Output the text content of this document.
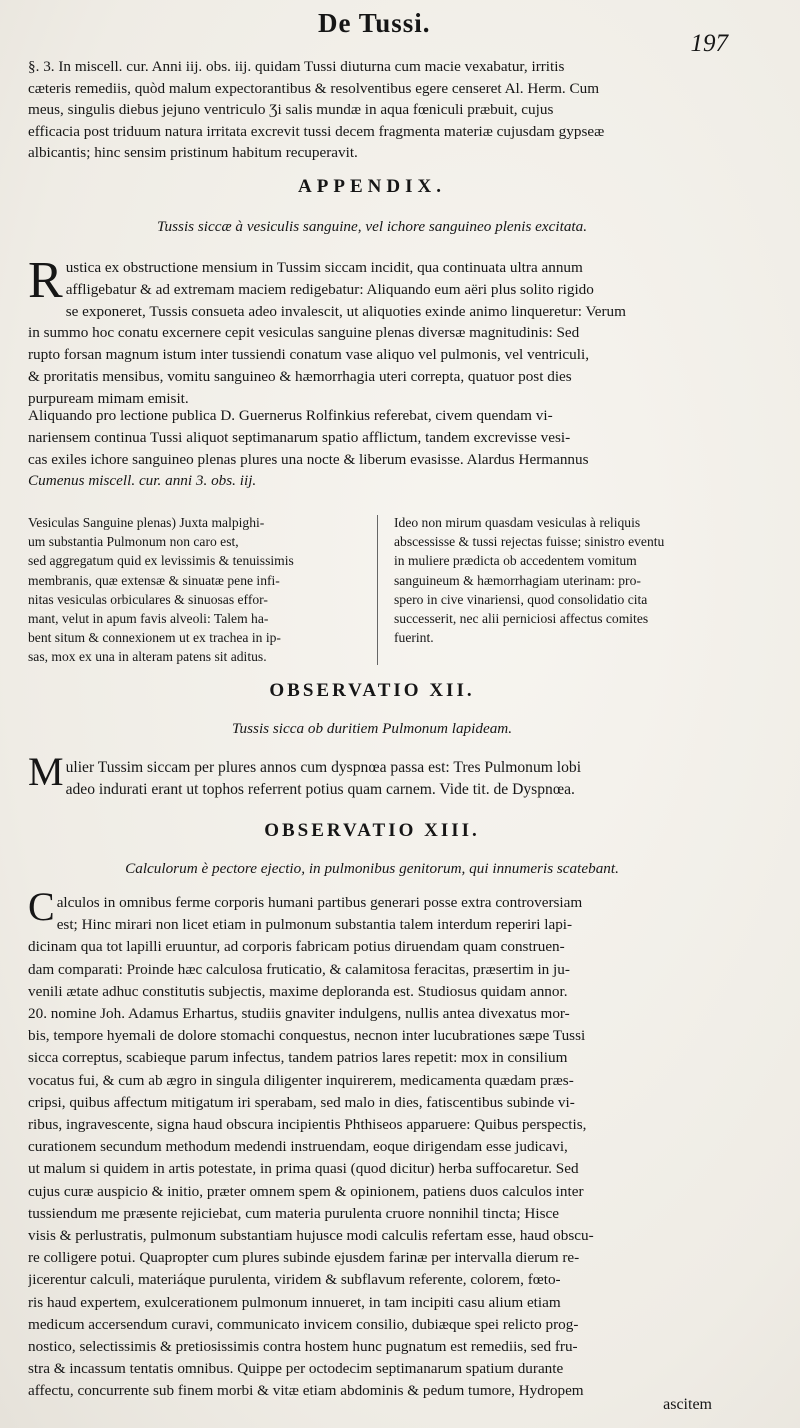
De Tussi.
197
§. 3. In miscell. cur. Anni iij. obs. iij. quidam Tussi diuturna cum macie vexabatur, irritis
cæteris remediis, quòd malum expectorantibus & resolventibus egere censeret Al. Herm. Cum
meus, singulis diebus jejuno ventriculo Ʒi salis mundæ in aqua fœniculi præbuit, cujus
efficacia post triduum natura irritata excrevit tussi decem fragmenta materiæ cujusdam gypseæ
albicantis; hinc sensim pristinum habitum recuperavit.
APPENDIX.
Tussis siccæ à vesiculis sanguine, vel ichore sanguineo plenis excitata.
R ustica ex obstructione mensium in Tussim siccam incidit, qua continuata ultra annum
affligebatur & ad extremam maciem redigebatur: Aliquando eum aëri plus solito rigido
se exponeret, Tussis consueta adeo invalescit, ut aliquoties exinde animo linqueretur: Verum
in summo hoc conatu excernere cepit vesiculas sanguine plenas diversæ magnitudinis: Sed
rupto forsan magnum istum inter tussiendi conatum vase aliquo vel pulmonis, vel ventriculi,
& proritatis mensibus, vomitu sanguineo & hæmorrhagia uteri correpta, quatuor post dies
purpuream mimam emisit.
Aliquando pro lectione publica D. Guernerus Rolfinkius referebat, civem quendam vi-
nariensem continua Tussi aliquot septimanarum spatio afflictum, tandem excrevisse vesi-
cas exiles ichore sanguineo plenas plures una nocte & liberum evasisse. Alardus Hermannus
Cumenus miscell. cur. anni 3. obs. iij.
Vesiculas Sanguine plenas) Juxta malpighi-
um substantia Pulmonum non caro est,
sed aggregatum quid ex levissimis & tenuissimis
membranis, quæ extensæ & sinuatæ pene infi-
nitas vesiculas orbiculares & sinuosas effor-
mant, velut in apum favis alveoli: Talem ha-
bent situm & connexionem ut ex trachea in ip-
sas, mox ex una in alteram patens sit aditus.
Ideo non mirum quasdam vesiculas à reliquis
abscessisse & tussi rejectas fuisse; sinistro eventu
in muliere prædicta ob accedentem vomitum
sanguineum & hæmorrhagiam uterinam: pro-
spero in cive vinariensi, quod consolidatio cita
successerit, nec alii perniciosi affectus comites
fuerint.
OBSERVATIO XII.
Tussis sicca ob duritiem Pulmonum lapideam.
M ulier Tussim siccam per plures annos cum dyspnœa passa est: Tres Pulmonum lobi
adeo indurati erant ut tophos referrent potius quam carnem. Vide tit. de Dyspnœa.
OBSERVATIO XIII.
Calculorum è pectore ejectio, in pulmonibus genitorum, qui innumeris scatebant.
C alculos in omnibus ferme corporis humani partibus generari posse extra controversiam
est; Hinc mirari non licet etiam in pulmonum substantia talem interdum reperiri lapi-
dicinam qua tot lapilli eruuntur, ad corporis fabricam potius diruendam quam construen-
dam comparati: Proinde hæc calculosa fruticatio, & calamitosa feracitas, præsertim in ju-
venili ætate adhuc constitutis subjectis, maxime deploranda est. Studiosus quidam annor.
20. nomine Joh. Adamus Erhartus, studiis gnaviter indulgens, nullis antea divexatus mor-
bis, tempore hyemali de dolore stomachi conquestus, necnon inter lucubrationes sæpe Tussi
sicca correptus, scabieque parum infectus, tandem patrios lares repetit: mox in consilium
vocatus fui, & cum ab ægro in singula diligenter inquirerem, medicamenta quædam præs-
cripsi, quibus affectum mitigatum iri sperabam, sed malo in dies, fatiscentibus subinde vi-
ribus, ingravescente, signa haud obscura incipientis Phthiseos apparuere: Quibus perspectis,
curationem secundum methodum medendi instruendam, eoque dirigendam esse judicavi,
ut malum si quidem in artis potestate, in prima quasi (quod dicitur) herba suffocaretur. Sed
cujus curæ auspicio & initio, præter omnem spem & opinionem, patiens duos calculos inter
tussiendum me præsente rejiciebat, cum materia purulenta cruore nonnihil tincta; Hisce
visis & perlustratis, pulmonum substantiam hujusce modi calculis refertam esse, haud obscu-
re colligere potui. Quapropter cum plures subinde ejusdem farinæ per intervalla dierum re-
jicerentur calculi, materiáque purulenta, viridem & subflavum referente, colorem, fœto-
ris haud expertem, exulcerationem pulmonum innueret, in tam incipiti casu alium etiam
medicum accersendum curavi, communicato invicem consilio, dubiæque spei relicto prog-
nostico, selectissimis & pretiosissimis contra hostem hunc pugnatum est remediis, sed fru-
stra & incassum tentatis omnibus. Quippe per octodecim septimanarum spatium durante
affectu, concurrente sub finem morbi & vitæ etiam abdominis & pedum tumore, Hydropem
ascitem
